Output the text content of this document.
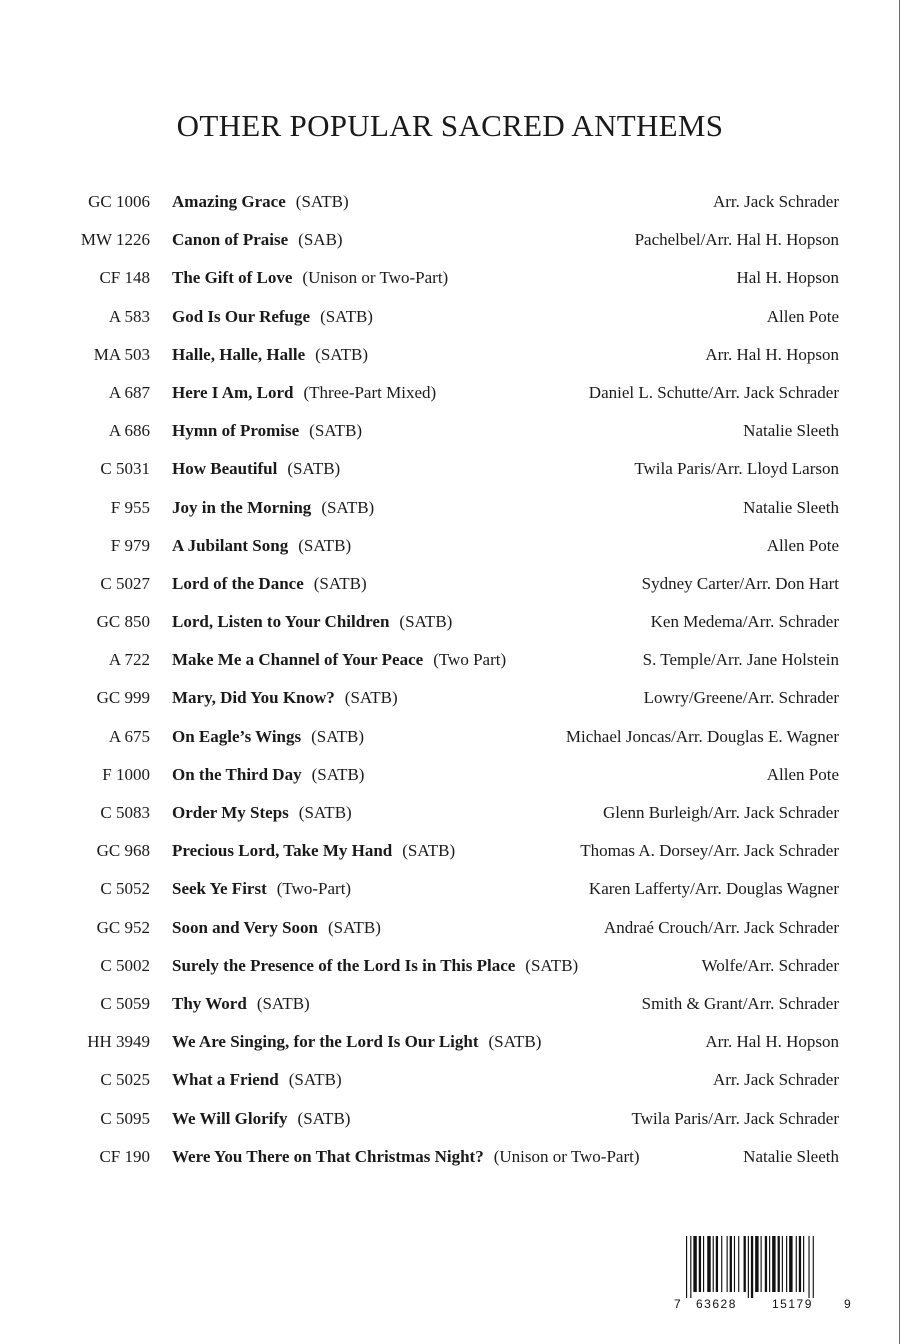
OTHER POPULAR SACRED ANTHEMS
GC 1006 Amazing Grace (SATB)	Arr. Jack Schrader
MW 1226 Canon of Praise (SAB)	Pachelbel/Arr. Hal H. Hopson
CF 148 The Gift of Love (Unison or Two-Part)	Hal H. Hopson
A 583 God Is Our Refuge (SATB)	Allen Pote
MA 503 Halle, Halle, Halle (SATB)	Arr. Hal H. Hopson
A 687 Here I Am, Lord (Three-Part Mixed)	Daniel L. Schutte/Arr. Jack Schrader
A 686 Hymn of Promise (SATB)	Natalie Sleeth
C 5031 How Beautiful (SATB)	Twila Paris/Arr. Lloyd Larson
F 955 Joy in the Morning (SATB)	Natalie Sleeth
F 979 A Jubilant Song (SATB)	Allen Pote
C 5027 Lord of the Dance (SATB)	Sydney Carter/Arr. Don Hart
GC 850 Lord, Listen to Your Children (SATB)	Ken Medema/Arr. Schrader
A 722 Make Me a Channel of Your Peace (Two Part)	S. Temple/Arr. Jane Holstein
GC 999 Mary, Did You Know? (SATB)	Lowry/Greene/Arr. Schrader
A 675 On Eagle’s Wings (SATB)	Michael Joncas/Arr. Douglas E. Wagner
F 1000 On the Third Day (SATB)	Allen Pote
C 5083 Order My Steps (SATB)	Glenn Burleigh/Arr. Jack Schrader
GC 968 Precious Lord, Take My Hand (SATB)	Thomas A. Dorsey/Arr. Jack Schrader
C 5052 Seek Ye First (Two-Part)	Karen Lafferty/Arr. Douglas Wagner
GC 952 Soon and Very Soon (SATB)	Andraé Crouch/Arr. Jack Schrader
C 5002 Surely the Presence of the Lord Is in This Place (SATB)	Wolfe/Arr. Schrader
C 5059 Thy Word (SATB)	Smith & Grant/Arr. Schrader
HH 3949 We Are Singing, for the Lord Is Our Light (SATB)	Arr. Hal H. Hopson
C 5025 What a Friend (SATB)	Arr. Jack Schrader
C 5095 We Will Glorify (SATB)	Twila Paris/Arr. Jack Schrader
CF 190 Were You There on That Christmas Night? (Unison or Two-Part)	Natalie Sleeth
7 63628	15179	9
